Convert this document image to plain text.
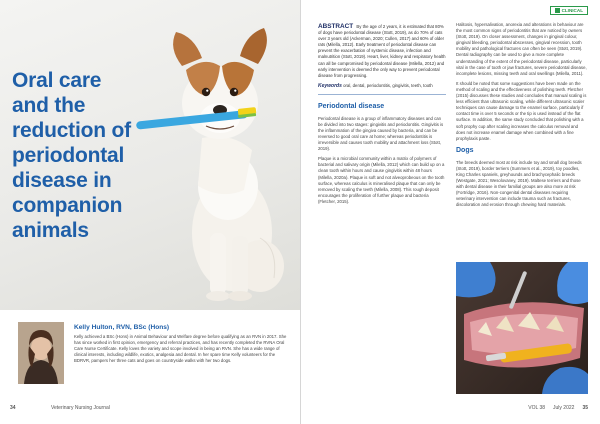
Oral care
and the
reduction of
periodontal
disease in
companion
animals
Kelly Hulton, RVN, BSc (Hons)
Kelly achieved a BSc (Hons) in Animal Behaviour and Welfare degree before qualifying as an RVN in 2017. She has since worked in first opinion, emergency and referral practices, and has recently completed the RVNA Oral Care Nurse Certificate. Kelly loves the variety and scope involved in being an RVN. She has a wide range of clinical interests, including wildlife, exotics, analgesia and dental. In her spare time Kelly volunteers for the BDRVR, pampers her three cats and goes on countryside walks with her two dogs.
34	Veterinary Nursing Journal
CLINICAL
ABSTRACT By the age of 2 years, it is estimated that 80% of dogs have periodontal disease (Stott, 2019), as do 70% of cats over 3 years old (Ackerman, 2020; Cullen, 2017) and 60% of older rats (Milella, 2012). Early treatment of periodontal disease can prevent the exacerbation of systemic disease, infection and malnutrition (Stott, 2019). Heart, liver, kidney and respiratory health can all be compromised by periodontal disease (Milella, 2012) and early intervention is deemed the only way to prevent periodontal disease from progressing.
Keywords oral, dental, periodontitis, gingivitis, teeth, tooth
Periodontal disease

Periodontal disease is a group of inflammatory diseases and can be divided into two stages: gingivitis and periodontitis. Gingivitis is the inflammation of the gingiva caused by bacteria, and can be reversed to good oral care at home; whereas periodontitis is irreversible and causes tooth mobility and attachment loss (Stott, 2019).

Plaque is a microbial community within a matrix of polymers of bacterial and salivary origin (Milella, 2012) which can build up on a clean tooth within hours and cause gingivitis within 48 hours (Milella, 2020a). Plaque is soft and not alveoprobeous on the tooth surface, whereas calculus is mineralised plaque that can only be removed by scaling the teeth (Milella, 2008). This rough deposit encourages the proliferation of further plaque and bacteria (Fletcher, 2015).

Halitosis, hypersalivation, anorexia and alterations in behaviour are the most common signs of periodontitis that are noticed by owners (Stott, 2019). On closer assessment, changes in gingival colour, gingival bleeding, periodontal abscesses, gingival recession, tooth mobility and pathological fractures can often be seen (Stott, 2019). Dental radiography can be used to give a more complete understanding of the extent of the periodontal disease, particularly vital in the case of tooth or jaw fractures, severe periodontal disease, incomplete lesions, missing teeth and oral swellings (Milella, 2011).

It should be noted that some suggestions have been made on the method of scaling and the effectiveness of polishing teeth. Fletcher (2015) discusses these studies and concludes that manual scaling is less efficient than ultrasonic scaling, while different ultrasonic scaler techniques can cause damage to the enamel surface, particularly if contact time is over 5 seconds or the tip is used instead of the flat surface. In addition, the same study concluded that polishing with a soft prophy cup after scaling increases the calculus removal and does not increase enamel damage when combined with a fine prophylaxis paste.

Dogs

The breeds deemed most at risk include toy and small dog breeds (Stott, 2019), border terriers (Summers et al., 2019), toy poodles, King Charles spaniels, greyhounds and brachycephalic breeds (Westgate, 2021; Wesolovaney, 2019). Maltese terriers and those with dental disease in their familial groups are also more at risk (Fortridge, 2016). Non-congenital dental diseases requiring veterinary intervention can include trauma such as fractures, discoloration and erosion through chewing hard materials.

VOL 38 July 2022 35
